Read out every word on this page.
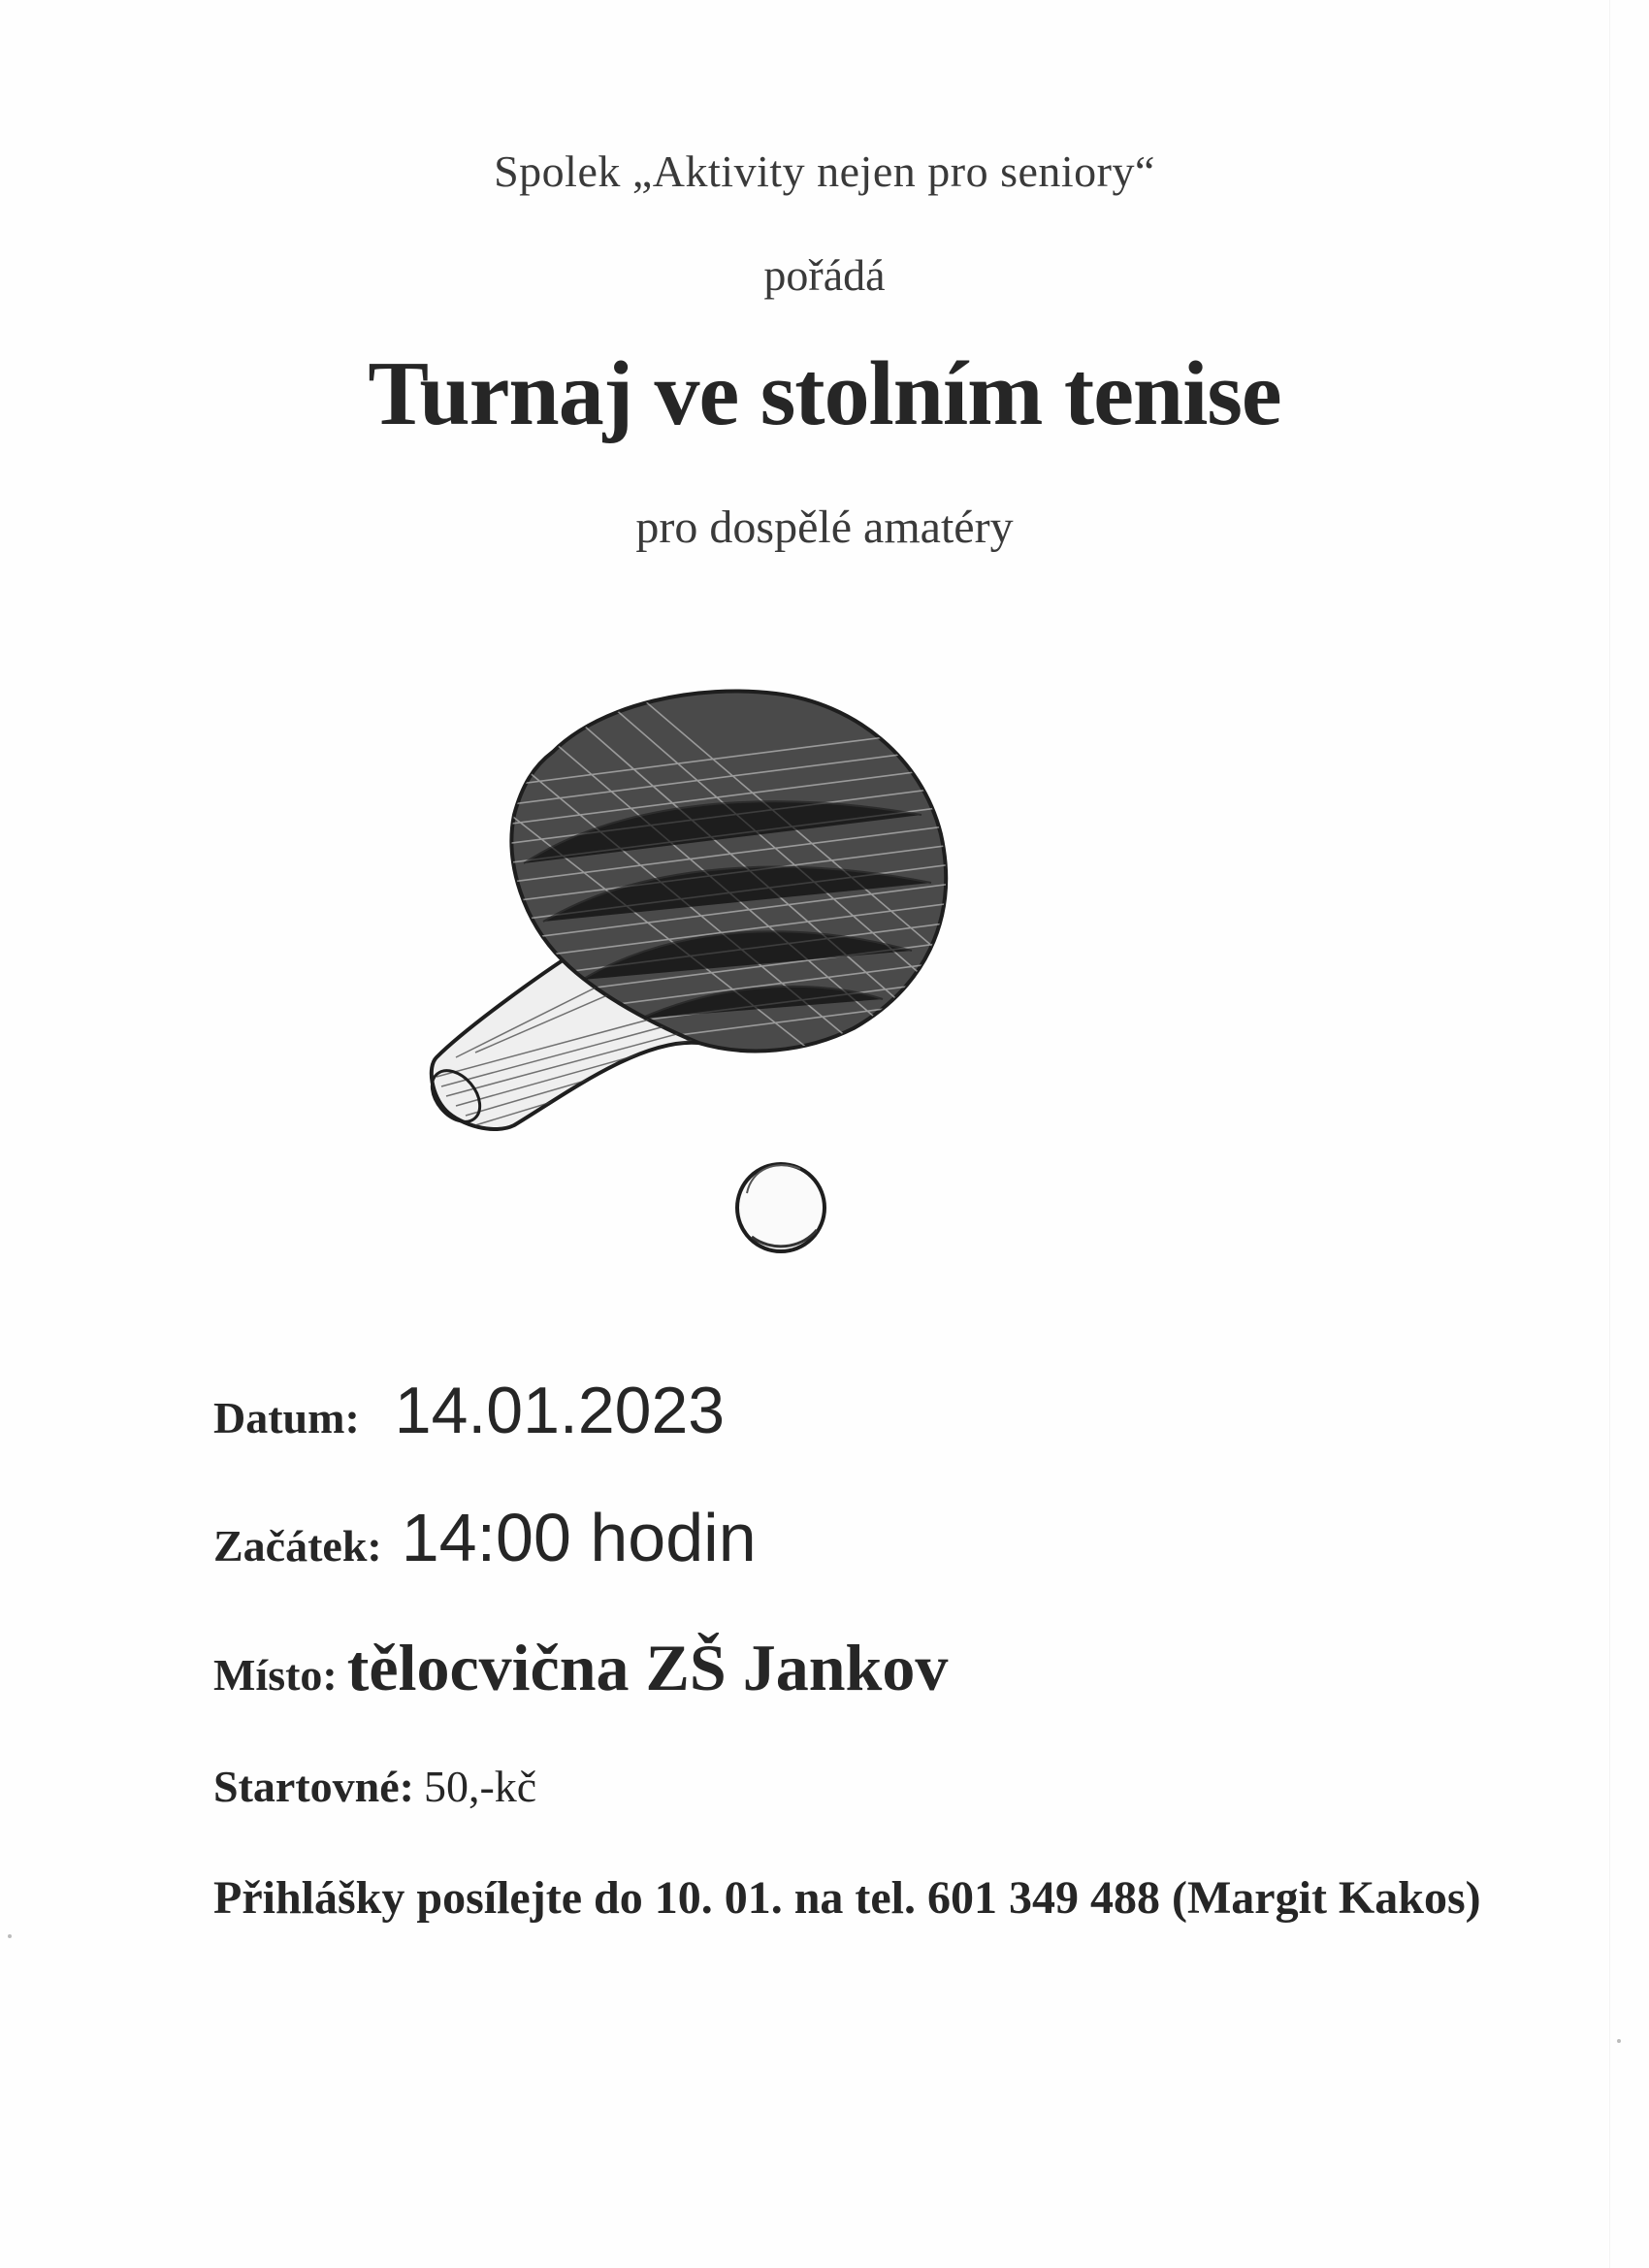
Spolek „Aktivity nejen pro seniory“
pořádá
Turnaj ve stolním tenise
pro dospělé amatéry
Datum: 14.01.2023
Začátek: 14:00 hodin
Místo: tělocvična ZŠ Jankov
Startovné: 50,-kč
Přihlášky posílejte do 10. 01. na tel. 601 349 488 (Margit Kakos)
